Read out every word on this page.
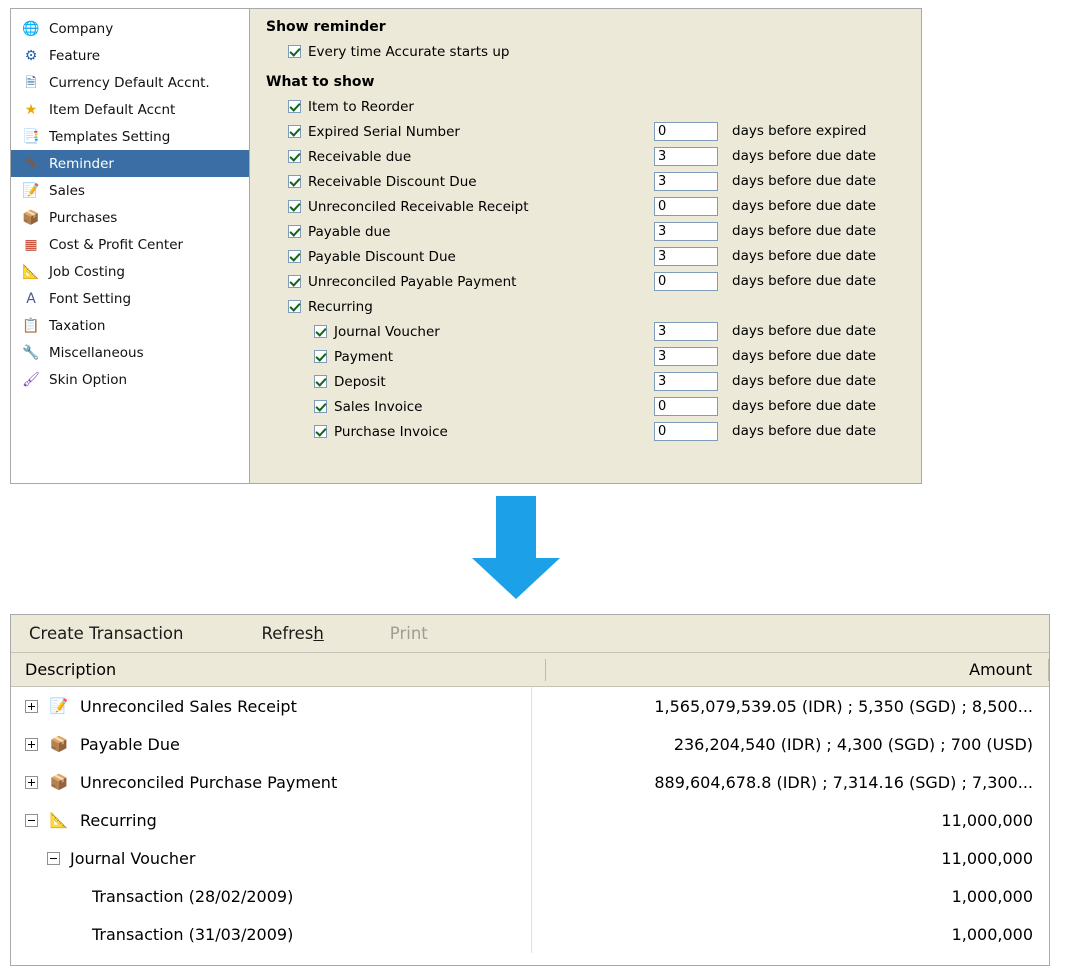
🌐 Company
⚙ Feature
🗎 Currency Default Accnt.
★ Item Default Accnt
📑 Templates Setting
✎ Reminder
📝 Sales
📦 Purchases
▦ Cost & Profit Center
📐 Job Costing
A Font Setting
📋 Taxation
🔧 Miscellaneous
🖌 Skin Option
Show reminder
Every time Accurate starts up
What to show
Item to Reorder
Expired Serial Number	0	days before expired
Receivable due	3	days before due date
Receivable Discount Due	3	days before due date
Unreconciled Receivable Receipt	0	days before due date
Payable due	3	days before due date
Payable Discount Due	3	days before due date
Unreconciled Payable Payment	0	days before due date
Recurring
Journal Voucher	3	days before due date
Payment	3	days before due date
Deposit	3	days before due date
Sales Invoice	0	days before due date
Purchase Invoice	0	days before due date
Create Transaction	Refresh	Print
Description	Amount
📝 Unreconciled Sales Receipt	1,565,079,539.05 (IDR) ; 5,350 (SGD) ; 8,500...
📦 Payable Due	236,204,540 (IDR) ; 4,300 (SGD) ; 700 (USD)
📦 Unreconciled Purchase Payment	889,604,678.8 (IDR) ; 7,314.16 (SGD) ; 7,300...
📐 Recurring	11,000,000
Journal Voucher	11,000,000
Transaction (28/02/2009)	1,000,000
Transaction (31/03/2009)	1,000,000
